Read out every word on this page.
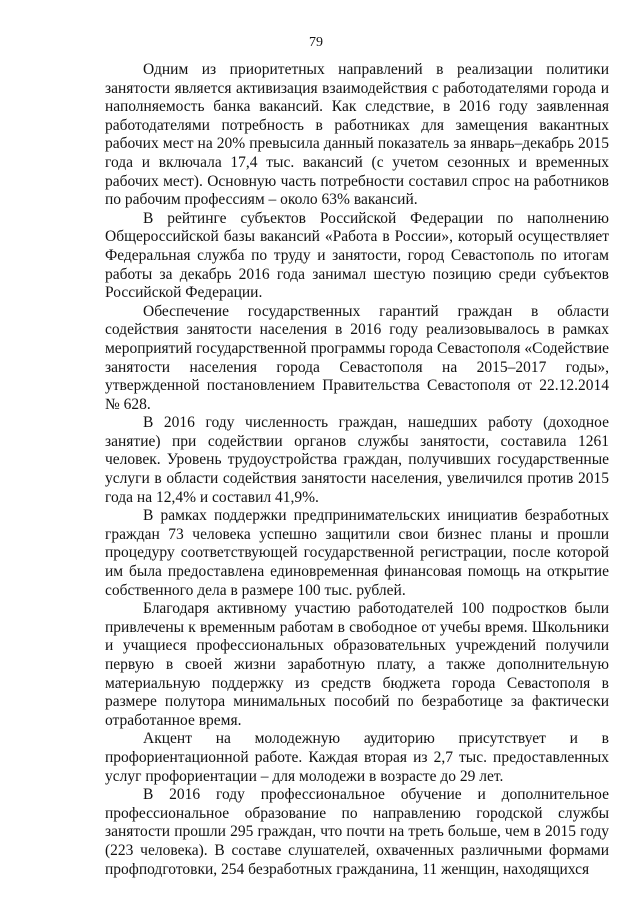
79

Одним из приоритетных направлений в реализации политики занятости является активизация взаимодействия с работодателями города и наполняемость банка вакансий. Как следствие, в 2016 году заявленная работодателями потребность в работниках для замещения вакантных рабочих мест на 20% превысила данный показатель за январь–декабрь 2015 года и включала 17,4 тыс. вакансий (с учетом сезонных и временных рабочих мест). Основную часть потребности составил спрос на работников по рабочим профессиям – около 63% вакансий.

В рейтинге субъектов Российской Федерации по наполнению Общероссийской базы вакансий «Работа в России», который осуществляет Федеральная служба по труду и занятости, город Севастополь по итогам работы за декабрь 2016 года занимал шестую позицию среди субъектов Российской Федерации.

Обеспечение государственных гарантий граждан в области содействия занятости населения в 2016 году реализовывалось в рамках мероприятий государственной программы города Севастополя «Содействие занятости населения города Севастополя на 2015–2017 годы», утвержденной постановлением Правительства Севастополя от 22.12.2014 № 628.

В 2016 году численность граждан, нашедших работу (доходное занятие) при содействии органов службы занятости, составила 1261 человек. Уровень трудоустройства граждан, получивших государственные услуги в области содействия занятости населения, увеличился против 2015 года на 12,4% и составил 41,9%.

В рамках поддержки предпринимательских инициатив безработных граждан 73 человека успешно защитили свои бизнес планы и прошли процедуру соответствующей государственной регистрации, после которой им была предоставлена единовременная финансовая помощь на открытие собственного дела в размере 100 тыс. рублей.

Благодаря активному участию работодателей 100 подростков были привлечены к временным работам в свободное от учебы время. Школьники и учащиеся профессиональных образовательных учреждений получили первую в своей жизни заработную плату, а также дополнительную материальную поддержку из средств бюджета города Севастополя в размере полутора минимальных пособий по безработице за фактически отработанное время.

Акцент на молодежную аудиторию присутствует и в профориентационной работе. Каждая вторая из 2,7 тыс. предоставленных услуг профориентации – для молодежи в возрасте до 29 лет.

В 2016 году профессиональное обучение и дополнительное профессиональное образование по направлению городской службы занятости прошли 295 граждан, что почти на треть больше, чем в 2015 году (223 человека). В составе слушателей, охваченных различными формами профподготовки, 254 безработных гражданина, 11 женщин, находящихся
